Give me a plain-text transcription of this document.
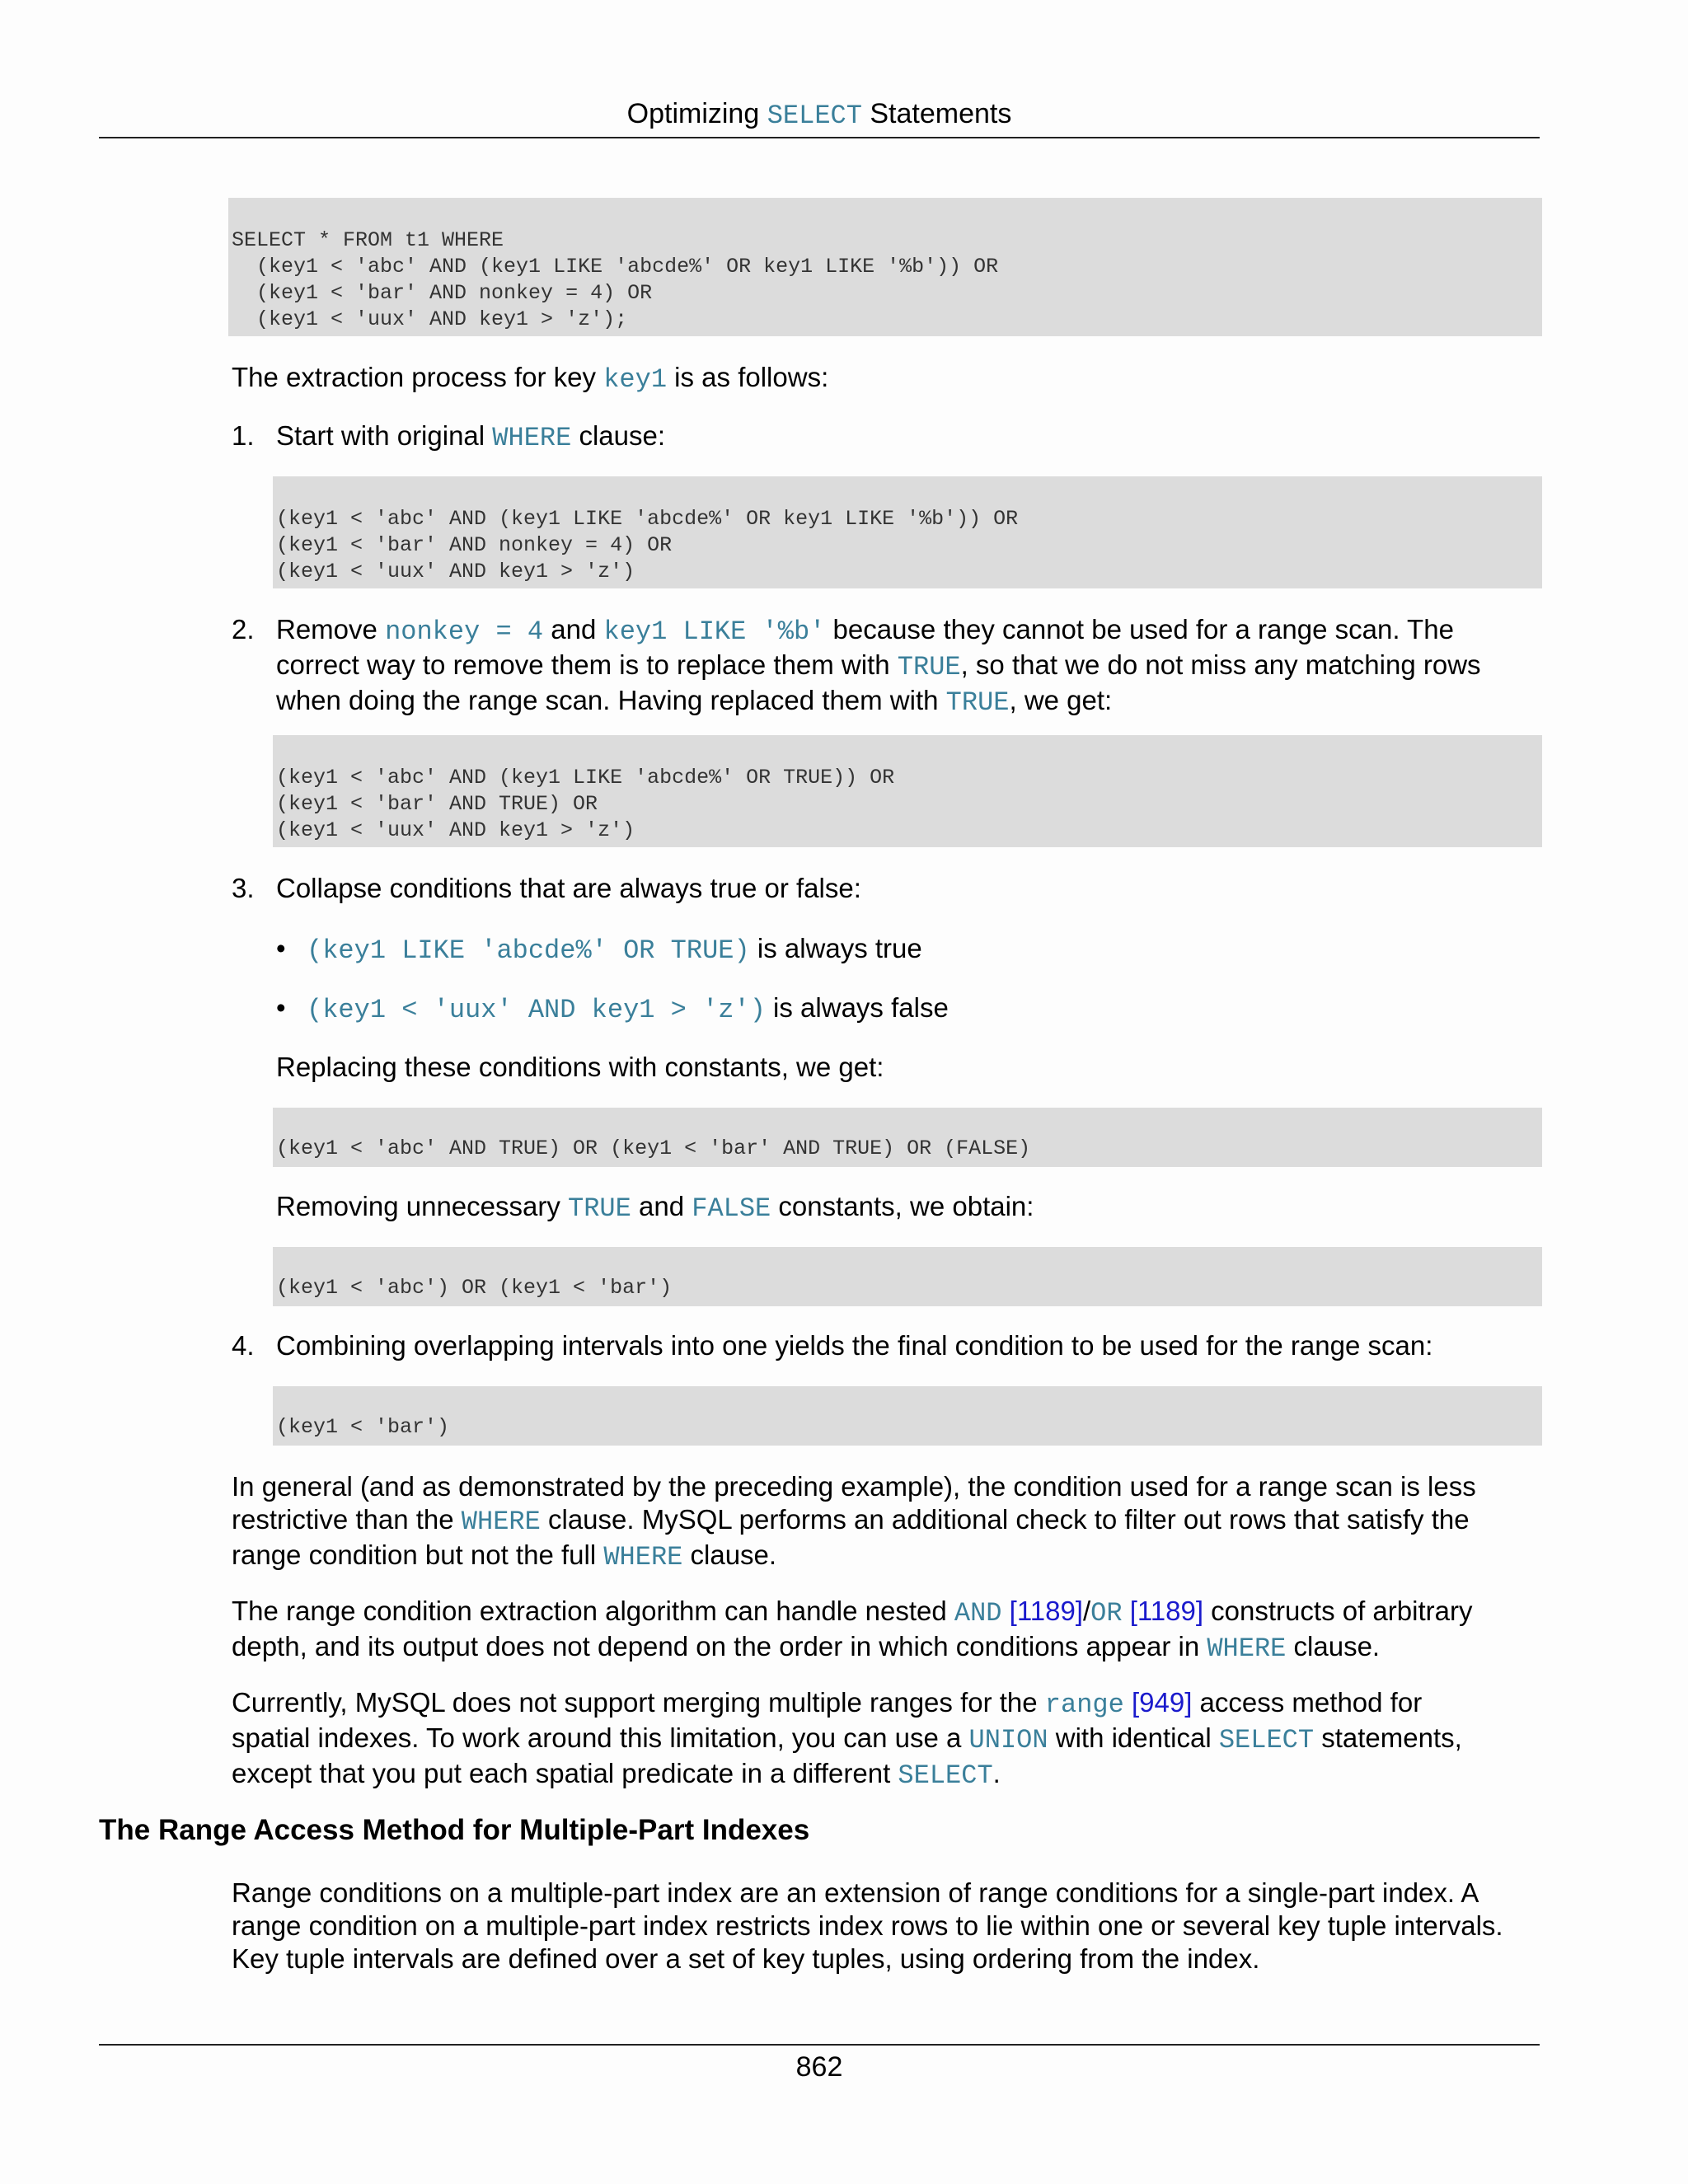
Optimizing SELECT Statements
SELECT * FROM t1 WHERE
(key1 < 'abc' AND (key1 LIKE 'abcde%' OR key1 LIKE '%b')) OR
(key1 < 'bar' AND nonkey = 4) OR
(key1 < 'uux' AND key1 > 'z');
The extraction process for key key1 is as follows:
1. Start with original WHERE clause:
(key1 < 'abc' AND (key1 LIKE 'abcde%' OR key1 LIKE '%b')) OR
(key1 < 'bar' AND nonkey = 4) OR
(key1 < 'uux' AND key1 > 'z')
2. Remove nonkey = 4 and key1 LIKE '%b' because they cannot be used for a range scan. The
correct way to remove them is to replace them with TRUE, so that we do not miss any matching rows
when doing the range scan. Having replaced them with TRUE, we get:
(key1 < 'abc' AND (key1 LIKE 'abcde%' OR TRUE)) OR
(key1 < 'bar' AND TRUE) OR
(key1 < 'uux' AND key1 > 'z')
3. Collapse conditions that are always true or false:
• (key1 LIKE 'abcde%' OR TRUE) is always true
• (key1 < 'uux' AND key1 > 'z') is always false
Replacing these conditions with constants, we get:
(key1 < 'abc' AND TRUE) OR (key1 < 'bar' AND TRUE) OR (FALSE)
Removing unnecessary TRUE and FALSE constants, we obtain:
(key1 < 'abc') OR (key1 < 'bar')
4. Combining overlapping intervals into one yields the final condition to be used for the range scan:
(key1 < 'bar')
In general (and as demonstrated by the preceding example), the condition used for a range scan is less
restrictive than the WHERE clause. MySQL performs an additional check to filter out rows that satisfy the
range condition but not the full WHERE clause.
The range condition extraction algorithm can handle nested AND [1189]/OR [1189] constructs of arbitrary
depth, and its output does not depend on the order in which conditions appear in WHERE clause.
Currently, MySQL does not support merging multiple ranges for the range [949] access method for
spatial indexes. To work around this limitation, you can use a UNION with identical SELECT statements,
except that you put each spatial predicate in a different SELECT.
The Range Access Method for Multiple-Part Indexes
Range conditions on a multiple-part index are an extension of range conditions for a single-part index. A
range condition on a multiple-part index restricts index rows to lie within one or several key tuple intervals.
Key tuple intervals are defined over a set of key tuples, using ordering from the index.
862
